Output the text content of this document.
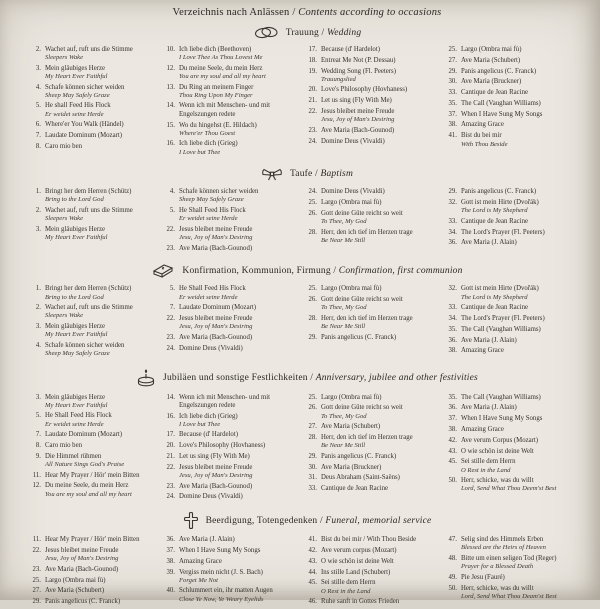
Verzeichnis nach Anlässen / Contents according to occasions
Trauung / Wedding
2. Wachet auf, ruft uns die Stimme
Sleepers Wake
3. Mein gläubiges Herze
My Heart Ever Faithful
4. Schafe können sicher weiden
Sheep May Safely Graze
5. He shall Feed His Flock
Er weidet seine Herde
6. Where'er You Walk (Händel)
7. Laudate Dominum (Mozart)
8. Caro mio ben
10. Ich liebe dich (Beethoven)
I Love Thee As Thou Lovest Me
12. Du meine Seele, du mein Herz
You are my soul and all my heart
13. Du Ring an meinem Finger
Thou Ring Upon My Finger
14. Wenn ich mit Menschen- und mit Engelszungen redete
15. Wo du hingehst (E. Hildach)
Where'er Thou Goest
16. Ich liebe dich (Grieg)
I Love but Thee
17. Because (d' Hardelot)
18. Entreat Me Not (P. Dessau)
19. Wedding Song (Fl. Peeters)
Trauungslied
20. Love's Philosophy (Hovhaness)
21. Let us sing (Fly With Me)
22. Jesus bleibet meine Freude
Jesu, Joy of Man's Desiring
23. Ave Maria (Bach-Gounod)
24. Domine Deus (Vivaldi)
25. Largo (Ombra mai fù)
27. Ave Maria (Schubert)
29. Panis angelicus (C. Franck)
30. Ave Maria (Bruckner)
33. Cantique de Jean Racine
35. The Call (Vaughan Williams)
37. When I Have Sung My Songs
38. Amazing Grace
41. Bist du bei mir
With Thou Beside
Taufe / Baptism
1. Bringt her dem Herren (Schütz)
Bring to the Lord God
2. Wachet auf, ruft uns die Stimme
Sleepers Wake
3. Mein gläubiges Herze
My Heart Ever Faithful
4. Schafe können sicher weiden
Sheep May Safely Graze
5. He Shall Feed His Flock
Er weidet seine Herde
22. Jesus bleibet meine Freude
Jesu, Joy of Man's Desiring
23. Ave Maria (Bach-Gounod)
24. Domine Deus (Vivaldi)
25. Largo (Ombra mai fù)
26. Gott deine Güte reicht so weit
To Thee, My God
28. Herr, den ich tief im Herzen trage
Be Near Me Still
29. Panis angelicus (C. Franck)
32. Gott ist mein Hirte (Dvořák)
The Lord is My Shepherd
33. Cantique de Jean Racine
34. The Lord's Prayer (Fl. Peeters)
36. Ave Maria (J. Alain)
Konfirmation, Kommunion, Firmung / Confirmation, first communion
1. Bringt her dem Herren (Schütz)
Bring to the Lord God
2. Wachet auf, ruft uns die Stimme
Sleepers Wake
3. Mein gläubiges Herze
My Heart Ever Faithful
4. Schafe können sicher weiden
Sheep May Safely Graze
5. He Shall Feed His Flock
Er weidet seine Herde
7. Laudate Dominum (Mozart)
22. Jesus bleibet meine Freude
Jesu, Joy of Man's Desiring
23. Ave Maria (Bach-Gounod)
24. Domine Deus (Vivaldi)
25. Largo (Ombra mai fù)
26. Gott deine Güte reicht so weit
To Thee, My God
28. Herr, den ich tief im Herzen trage
Be Near Me Still
29. Panis angelicus (C. Franck)
32. Gott ist mein Hirte (Dvořák)
The Lord is My Shepherd
33. Cantique de Jean Racine
34. The Lord's Prayer (Fl. Peeters)
35. The Call (Vaughan Williams)
36. Ave Maria (J. Alain)
38. Amazing Grace
Jubiläen und sonstige Festlichkeiten / Anniversary, jubilee and other festivities
3. Mein gläubiges Herze
My Heart Ever Faithful
5. He Shall Feed His Flock
Er weidet seine Herde
7. Laudate Dominum (Mozart)
8. Caro mio ben
9. Die Himmel rühmen
All Nature Sings God's Praise
11. Hear My Prayer / Hör' mein Bitten
12. Du meine Seele, du mein Herz
You are my soul and all my heart
14. Wenn ich mit Menschen- und mit Engelszungen redete
16. Ich liebe dich (Grieg)
I Love but Thee
17. Because (d' Hardelot)
20. Love's Philosophy (Hovhaness)
21. Let us sing (Fly With Me)
22. Jesus bleibet meine Freude
Jesu, Joy of Man's Desiring
23. Ave Maria (Bach-Gounod)
24. Domine Deus (Vivaldi)
25. Largo (Ombra mai fù)
26. Gott deine Güte reicht so weit
To Thee, My God
27. Ave Maria (Schubert)
28. Herr, den ich tief im Herzen trage
Be Near Me Still
29. Panis angelicus (C. Franck)
30. Ave Maria (Bruckner)
31. Deus Abraham (Saint-Saëns)
33. Cantique de Jean Racine
35. The Call (Vaughan Williams)
36. Ave Maria (J. Alain)
37. When I Have Sung My Songs
38. Amazing Grace
42. Ave verum Corpus (Mozart)
43. O wie schön ist deine Welt
45. Sei stille dem Herrn
O Rest in the Land
50. Herr, schicke, was du willt
Lord, Send What Thou Deem'st Best
Beerdigung, Totengedenken / Funeral, memorial service
11. Hear My Prayer / Hör' mein Bitten
22. Jesus bleibet meine Freude
Jesu, Joy of Man's Desiring
23. Ave Maria (Bach-Gounod)
25. Largo (Ombra mai fù)
27. Ave Maria (Schubert)
29. Panis angelicus (C. Franck)
36. Ave Maria (J. Alain)
37. When I Have Sung My Songs
38. Amazing Grace
39. Vergiss mein nicht (J. S. Bach)
Forget Me Not
40. Schlummert ein, ihr matten Augen
Close Ye Now, Ye Weary Eyelids
41. Bist du bei mir / With Thou Beside
42. Ave verum corpus (Mozart)
43. O wie schön ist deine Welt
44. Ins stille Land (Schubert)
45. Sei stille dem Herrn
O Rest in the Land
46. Ruhe sanft in Gottes Frieden
47. Selig sind des Himmels Erben
Blessed are the Heirs of Heaven
48. Bitte um einen seligen Tod (Reger)
Prayer for a Blessed Death
49. Pie Jesu (Fauré)
50. Herr, schicke, was du willt
Lord, Send What Thou Deam'st Best
